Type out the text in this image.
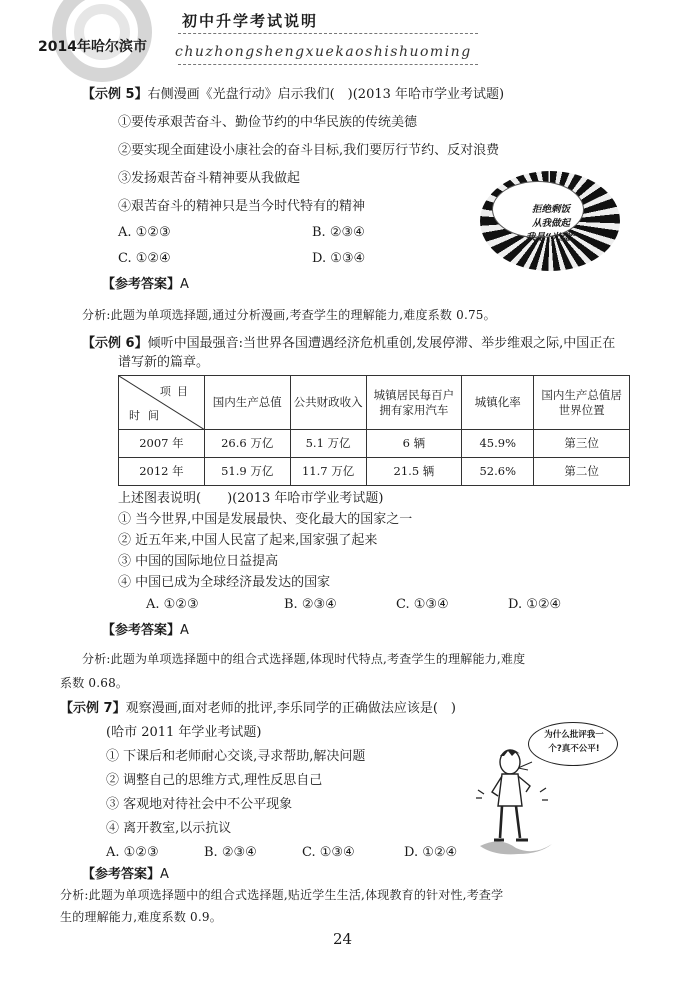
初中升学考试说明
2014年哈尔滨市 chuzhongshengxuekaoshishuoming
【示例 5】右侧漫画《光盘行动》启示我们(　)(2013 年哈市学业考试题)
①要传承艰苦奋斗、勤俭节约的中华民族的传统美德
②要实现全面建设小康社会的奋斗目标,我们要厉行节约、反对浪费
③发扬艰苦奋斗精神要从我做起
④艰苦奋斗的精神只是当今时代特有的精神
A. ①②③	B. ②③④
C. ①②④	D. ①③④
【参考答案】A
分析:此题为单项选择题,通过分析漫画,考查学生的理解能力,难度系数 0.75。
拒绝剩饭
从我做起
我是“光盘”
【示例 6】倾听中国最强音:当世界各国遭遇经济危机重创,发展停滞、举步维艰之际,中国正在
谱写新的篇章。
项目
时间	国内生产总值	公共财政收入	城镇居民每百户拥有家用汽车	城镇化率	国内生产总值居世界位置
2007 年	26.6 万亿	5.1 万亿	6 辆	45.9%	第三位
2012 年	51.9 万亿	11.7 万亿	21.5 辆	52.6%	第二位
上述图表说明(　　)(2013 年哈市学业考试题)
① 当今世界,中国是发展最快、变化最大的国家之一
② 近五年来,中国人民富了起来,国家强了起来
③ 中国的国际地位日益提高
④ 中国已成为全球经济最发达的国家
A. ①②③	B. ②③④	C. ①③④	D. ①②④
【参考答案】A
分析:此题为单项选择题中的组合式选择题,体现时代特点,考查学生的理解能力,难度
系数 0.68。
【示例 7】观察漫画,面对老师的批评,李乐同学的正确做法应该是(　)
(哈市 2011 年学业考试题)
① 下课后和老师耐心交谈,寻求帮助,解决问题
② 调整自己的思维方式,理性反思自己
③ 客观地对待社会中不公平现象
④ 离开教室,以示抗议
A. ①②③	B. ②③④	C. ①③④	D. ①②④
【参考答案】A
分析:此题为单项选择题中的组合式选择题,贴近学生生活,体现教育的针对性,考查学
生的理解能力,难度系数 0.9。
为什么批评我一
个?真不公平!
24
